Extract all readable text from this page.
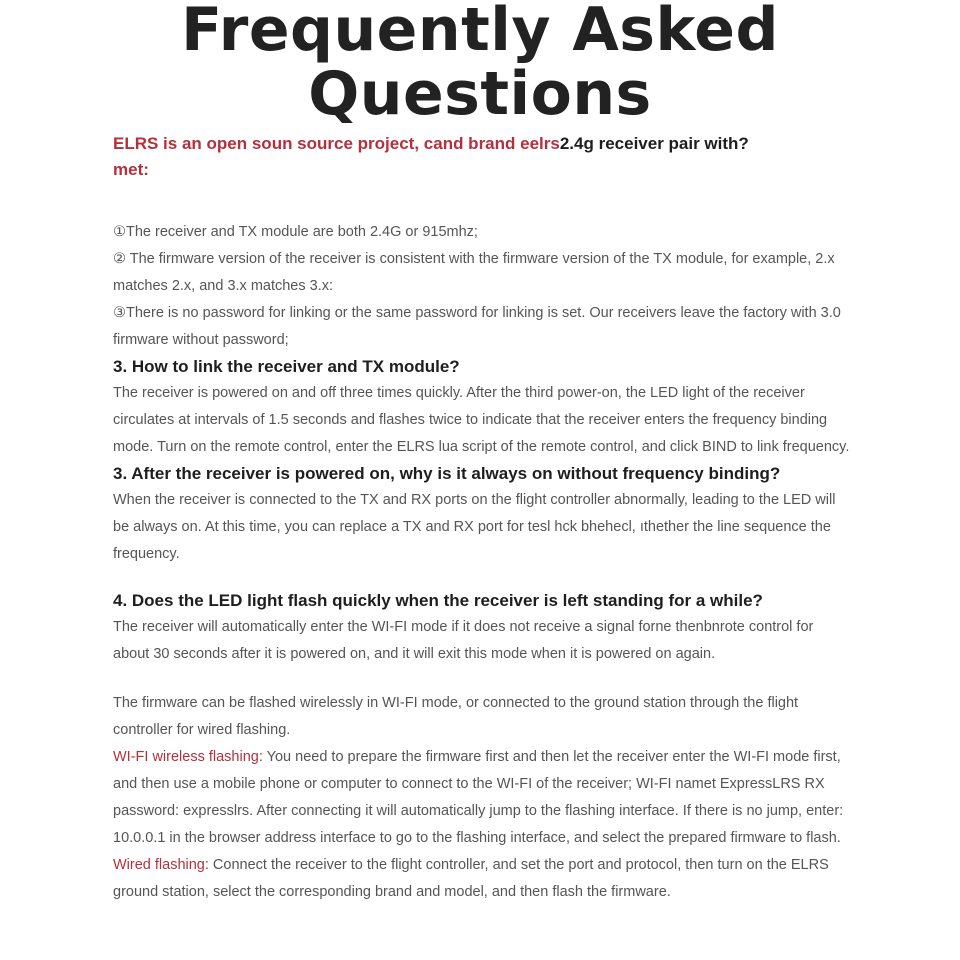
Frequently Asked Questions

ELRS is an open soun source project, cand brand eelrs2.4g receiver pair with?

met:

①The receiver and TX module are both 2.4G or 915mhz;

② The firmware version of the receiver is consistent with the firmware version of the TX module, for example, 2.x matches 2.x, and 3.x matches 3.x:

③There is no password for linking or the same password for linking is set. Our receivers leave the factory with 3.0 firmware without password;

3. How to link the receiver and TX module?

The receiver is powered on and off three times quickly. After the third power-on, the LED light of the receiver circulates at intervals of 1.5 seconds and flashes twice to indicate that the receiver enters the frequency binding mode. Turn on the remote control, enter the ELRS lua script of the remote control, and click BIND to link frequency.

3. After the receiver is powered on, why is it always on without frequency binding?

When the receiver is connected to the TX and RX ports on the flight controller abnormally, leading to the LED will be always on. At this time, you can replace a TX and RX port for tesl hck bhehecl, ıthether the line sequence the frequency.

4. Does the LED light flash quickly when the receiver is left standing for a while?

The receiver will automatically enter the WI-FI mode if it does not receive a signal forne thenbnrote control for about 30 seconds after it is powered on, and it will exit this mode when it is powered on again.

The firmware can be flashed wirelessly in WI-FI mode, or connected to the ground station through the flight controller for wired flashing.

WI-FI wireless flashing: You need to prepare the firmware first and then let the receiver enter the WI-FI mode first, and then use a mobile phone or computer to connect to the WI-FI of the receiver; WI-FI namet ExpressLRS RX password: expresslrs. After connecting it will automatically jump to the flashing interface. If there is no jump, enter: 10.0.0.1 in the browser address interface to go to the flashing interface, and select the prepared firmware to flash.

Wired flashing: Connect the receiver to the flight controller, and set the port and protocol, then turn on the ELRS ground station, select the corresponding brand and model, and then flash the firmware.
